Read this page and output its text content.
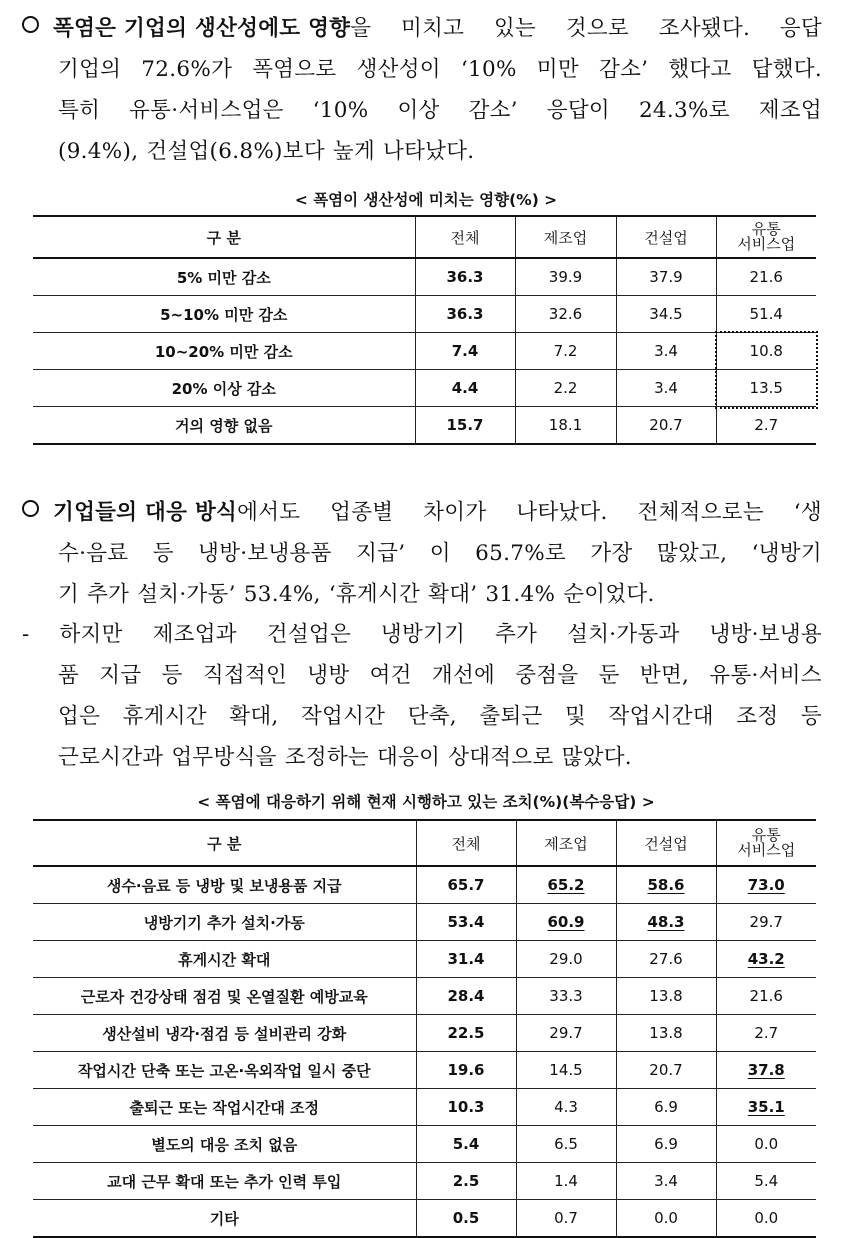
폭염은 기업의 생산성에도 영향을 미치고 있는 것으로 조사됐다. 응답
기업의 72.6%가 폭염으로 생산성이 ‘10% 미만 감소’ 했다고 답했다.
특히 유통·서비스업은 ‘10% 이상 감소’ 응답이 24.3%로 제조업
(9.4%), 건설업(6.8%)보다 높게 나타났다.
< 폭염이 생산성에 미치는 영향(%) >
구 분	전체	제조업	건설업	유통
서비스업
5% 미만 감소	36.3	39.9	37.9	21.6
5~10% 미만 감소	36.3	32.6	34.5	51.4
10~20% 미만 감소	7.4	7.2	3.4	10.8
20% 이상 감소	4.4	2.2	3.4	13.5
거의 영향 없음	15.7	18.1	20.7	2.7
기업들의 대응 방식에서도 업종별 차이가 나타났다. 전체적으로는 ‘생
수·음료 등 냉방·보냉용품 지급’ 이 65.7%로 가장 많았고, ‘냉방기
기 추가 설치·가동’ 53.4%, ‘휴게시간 확대’ 31.4% 순이었다.
- 하지만 제조업과 건설업은 냉방기기 추가 설치·가동과 냉방·보냉용
품 지급 등 직접적인 냉방 여건 개선에 중점을 둔 반면, 유통·서비스
업은 휴게시간 확대, 작업시간 단축, 출퇴근 및 작업시간대 조정 등
근로시간과 업무방식을 조정하는 대응이 상대적으로 많았다.
< 폭염에 대응하기 위해 현재 시행하고 있는 조치(%)(복수응답) >
구 분	전체	제조업	건설업	유통
서비스업
생수·음료 등 냉방 및 보냉용품 지급	65.7	65.2	58.6	73.0
냉방기기 추가 설치·가동	53.4	60.9	48.3	29.7
휴게시간 확대	31.4	29.0	27.6	43.2
근로자 건강상태 점검 및 온열질환 예방교육	28.4	33.3	13.8	21.6
생산설비 냉각·점검 등 설비관리 강화	22.5	29.7	13.8	2.7
작업시간 단축 또는 고온·옥외작업 일시 중단	19.6	14.5	20.7	37.8
출퇴근 또는 작업시간대 조정	10.3	4.3	6.9	35.1
별도의 대응 조치 없음	5.4	6.5	6.9	0.0
교대 근무 확대 또는 추가 인력 투입	2.5	1.4	3.4	5.4
기타	0.5	0.7	0.0	0.0
